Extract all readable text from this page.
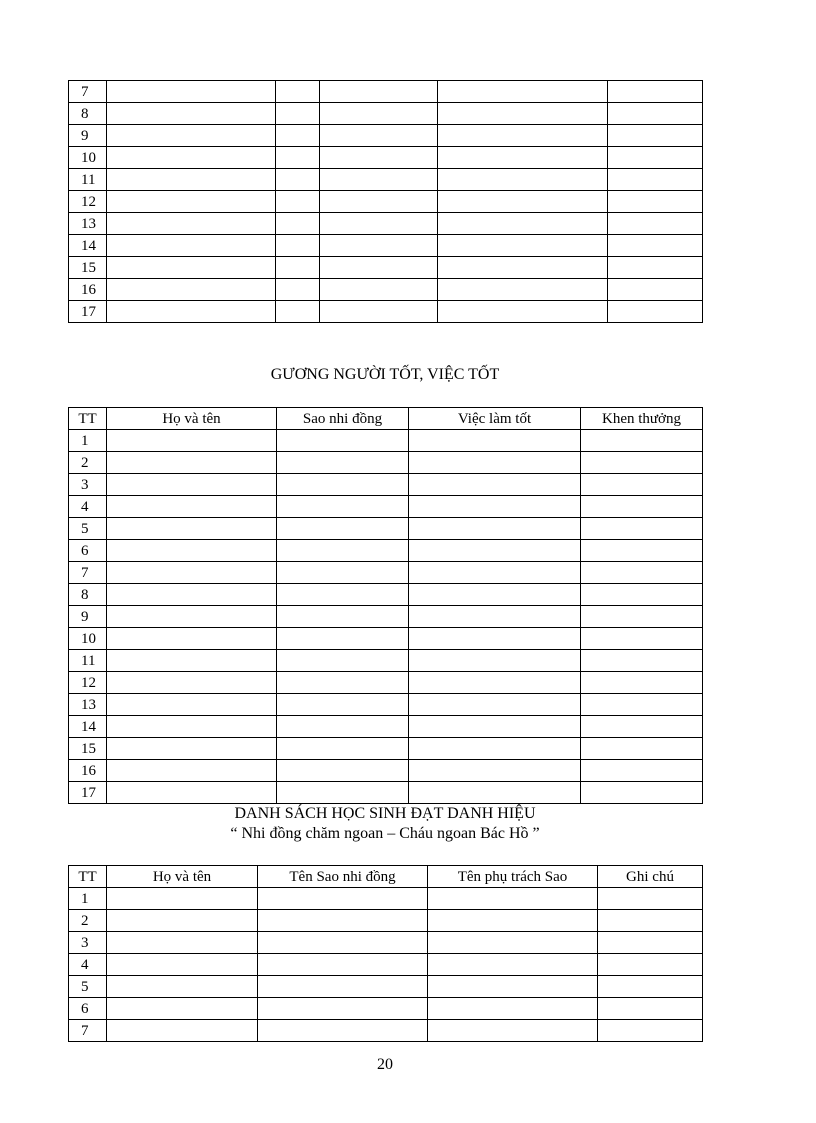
7					
8					
9					
10					
11					
12					
13					
14					
15					
16					
17					
GƯƠNG NGƯỜI TỐT, VIỆC TỐT
TT	Họ và tên	Sao nhi đồng	Việc làm tốt	Khen thưởng
1				
2				
3				
4				
5				
6				
7				
8				
9				
10				
11				
12				
13				
14				
15				
16				
17				
DANH SÁCH HỌC SINH ĐẠT DANH HIỆU
“ Nhi đồng chăm ngoan – Cháu ngoan Bác Hồ ”
TT	Họ và tên	Tên Sao nhi đồng	Tên phụ trách Sao	Ghi chú
1				
2				
3				
4				
5				
6				
7				
20
